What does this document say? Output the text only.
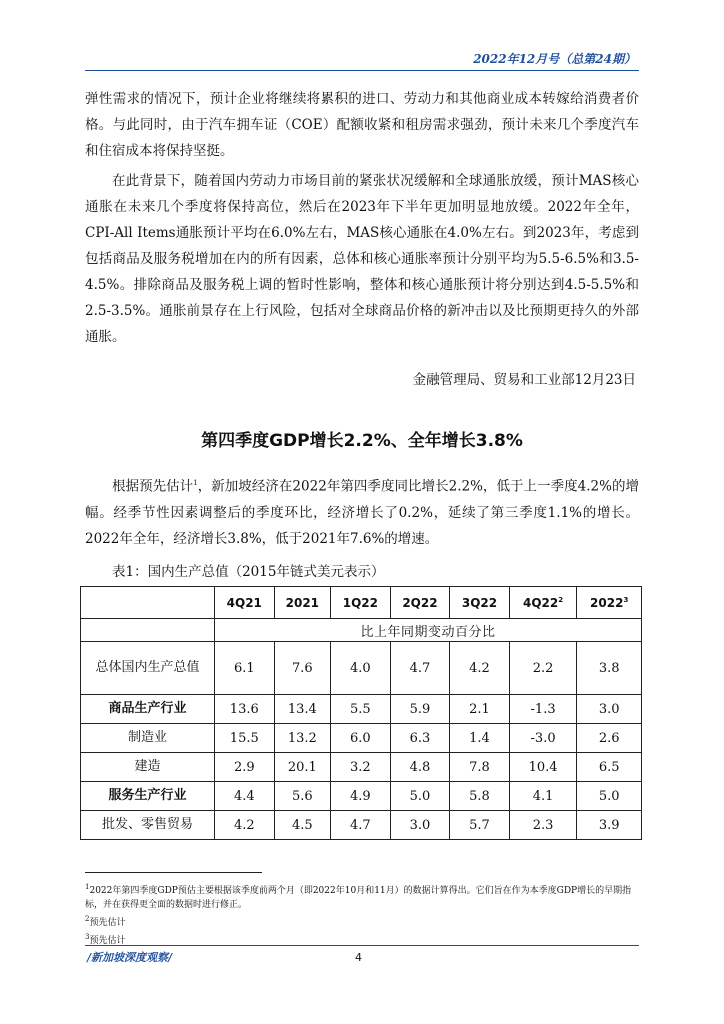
2022年12月号（总第24期）

弹性需求的情况下，预计企业将继续将累积的进口、劳动力和其他商业成本转嫁给消费者价格。与此同时，由于汽车拥车证（COE）配额收紧和租房需求强劲，预计未来几个季度汽车和住宿成本将保持坚挺。

在此背景下，随着国内劳动力市场目前的紧张状况缓解和全球通胀放缓，预计MAS核心通胀在未来几个季度将保持高位，然后在2023年下半年更加明显地放缓。2022年全年，CPI-All Items通胀预计平均在6.0%左右，MAS核心通胀在4.0%左右。到2023年，考虑到包括商品及服务税增加在内的所有因素，总体和核心通胀率预计分别平均为5.5-6.5%和3.5-4.5%。排除商品及服务税上调的暂时性影响，整体和核心通胀预计将分别达到4.5-5.5%和2.5-3.5%。通胀前景存在上行风险，包括对全球商品价格的新冲击以及比预期更持久的外部通胀。

金融管理局、贸易和工业部12月23日
第四季度GDP增长2.2%、全年增长3.8%

根据预先估计$^1$，新加坡经济在2022年第四季度同比增长2.2%，低于上一季度4.2%的增幅。经季节性因素调整后的季度环比，经济增长了0.2%，延续了第三季度1.1%的增长。2022年全年，经济增长3.8%，低于2021年7.6%的增速。

表1：国内生产总值（2015年链式美元表示）
	4Q21	2021	1Q22	2Q22	3Q22	$4Q22^2$	2022$^3$
	比上年同期变动百分比						
总体国内生产总值	6.1	7.6	4.0	4.7	4.2	2.2	3.8
商品生产行业	13.6	13.4	5.5	5.9	2.1	-1.3	3.0
制造业	15.5	13.2	6.0	6.3	1.4	-3.0	2.6
建造	2.9	20.1	3.2	4.8	7.8	10.4	6.5
服务生产行业	4.4	5.6	4.9	5.0	5.8	4.1	5.0
批发、零售贸易	4.2	4.5	4.7	3.0	5.7	2.3	3.9

$^1$2022年第四季度GDP预估主要根据该季度前两个月（即2022年10月和11月）的数据计算得出。它们旨在作为本季度GDP增长的早期指标，并在获得更全面的数据时进行修正。

$^2$预先估计

$^3$预先估计

/新加坡深度观察/	4
